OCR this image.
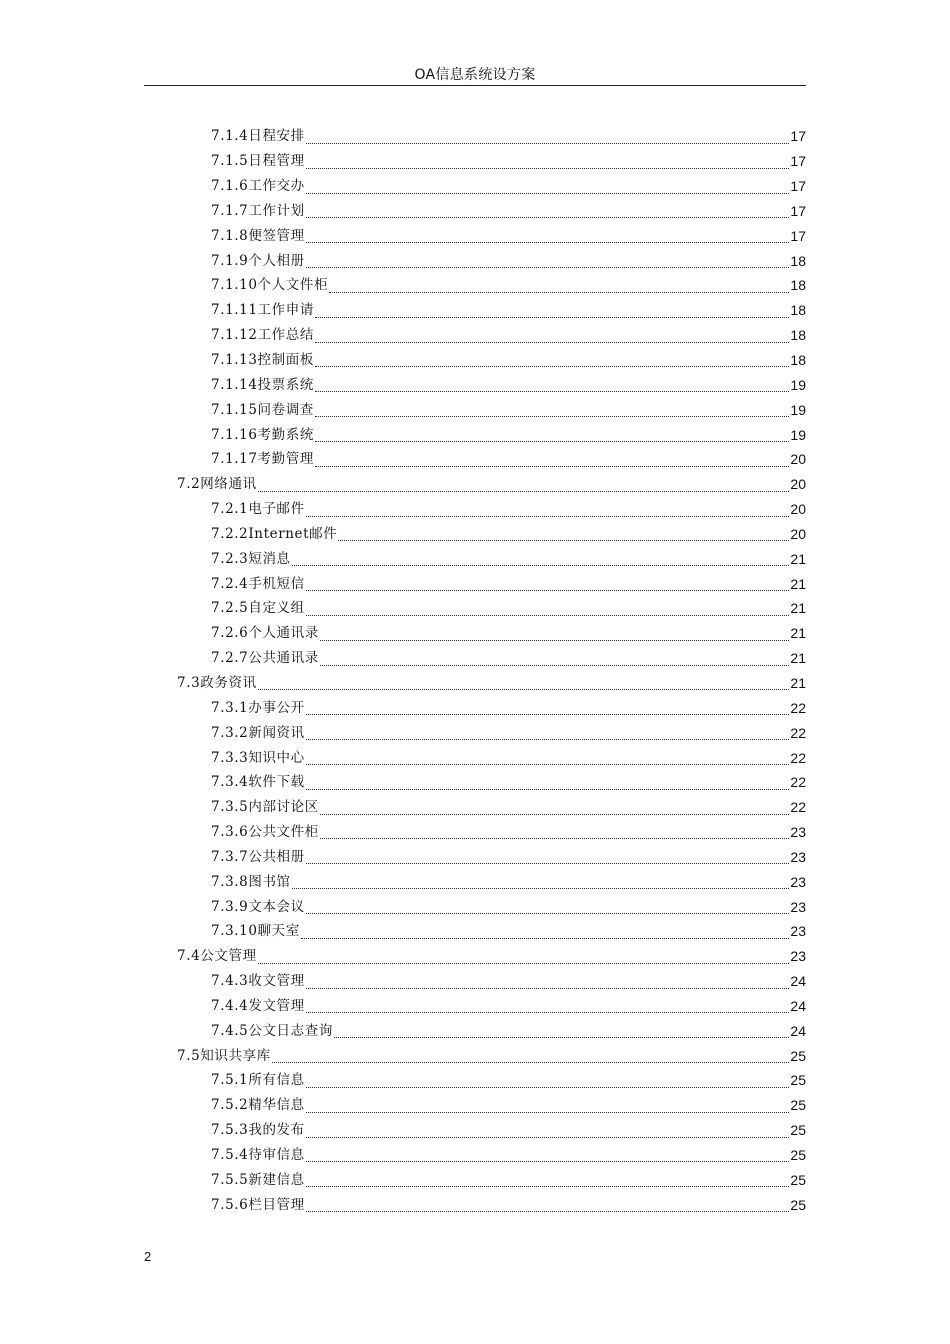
OA信息系统设方案
7.1.4日程安排	17
7.1.5日程管理	17
7.1.6工作交办	17
7.1.7工作计划	17
7.1.8便签管理	17
7.1.9个人相册	18
7.1.10个人文件柜	18
7.1.11工作申请	18
7.1.12工作总结	18
7.1.13控制面板	18
7.1.14投票系统	19
7.1.15问卷调查	19
7.1.16考勤系统	19
7.1.17考勤管理	20
7.2网络通讯	20
7.2.1电子邮件	20
7.2.2Internet邮件	20
7.2.3短消息	21
7.2.4手机短信	21
7.2.5自定义组	21
7.2.6个人通讯录	21
7.2.7公共通讯录	21
7.3政务资讯	21
7.3.1办事公开	22
7.3.2新闻资讯	22
7.3.3知识中心	22
7.3.4软件下载	22
7.3.5内部讨论区	22
7.3.6公共文件柜	23
7.3.7公共相册	23
7.3.8图书馆	23
7.3.9文本会议	23
7.3.10聊天室	23
7.4公文管理	23
7.4.3收文管理	24
7.4.4发文管理	24
7.4.5公文日志查询	24
7.5知识共享库	25
7.5.1所有信息	25
7.5.2精华信息	25
7.5.3我的发布	25
7.5.4待审信息	25
7.5.5新建信息	25
7.5.6栏目管理	25
2
